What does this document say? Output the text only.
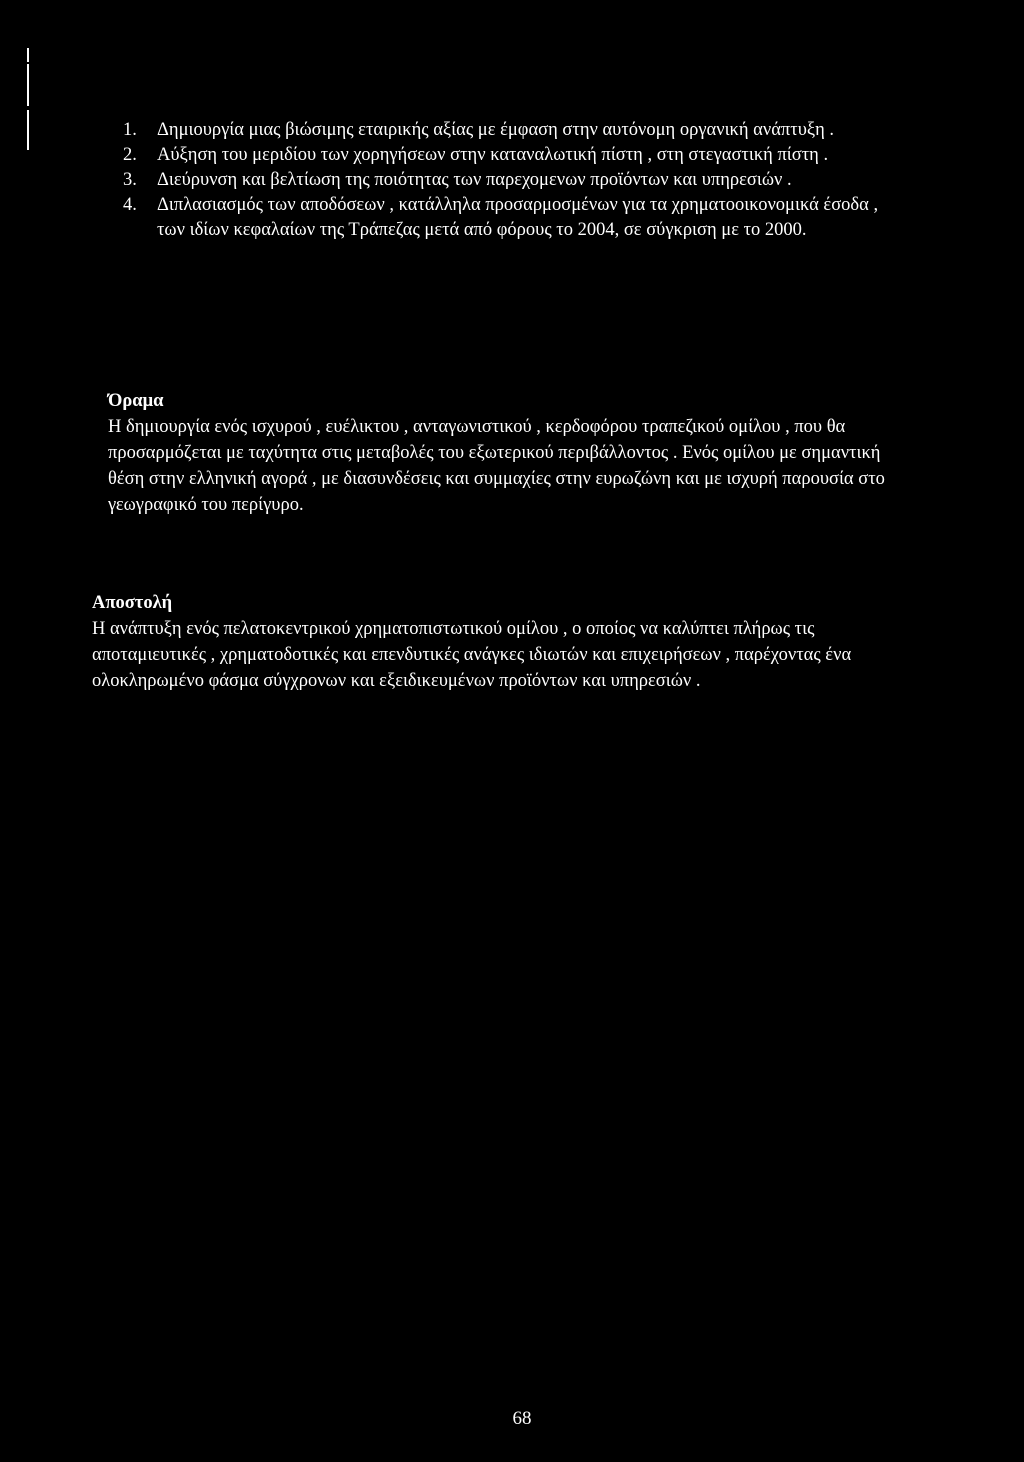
1. Δημιουργία μιας βιώσιμης εταιρικής αξίας με έμφαση στην αυτόνομη οργανική ανάπτυξη .
2. Αύξηση του μεριδίου των χορηγήσεων στην καταναλωτική πίστη , στη στεγαστική πίστη .
3. Διεύρυνση και βελτίωση της ποιότητας των παρεχομενων προϊόντων και υπηρεσιών .
4. Διπλασιασμός των αποδόσεων , κατάλληλα προσαρμοσμένων για τα χρηματοοικονομικά έσοδα , των ιδίων κεφαλαίων της Τράπεζας μετά από φόρους το 2004, σε σύγκριση με το 2000.
Όραμα

Η δημιουργία ενός ισχυρού , ευέλικτου , ανταγωνιστικού , κερδοφόρου τραπεζικού ομίλου , που θα προσαρμόζεται με ταχύτητα στις μεταβολές του εξωτερικού περιβάλλοντος . Ενός ομίλου με σημαντική θέση στην ελληνική αγορά , με διασυνδέσεις και συμμαχίες στην ευρωζώνη και με ισχυρή παρουσία στο γεωγραφικό του περίγυρο.

Αποστολή

Η ανάπτυξη ενός πελατοκεντρικού χρηματοπιστωτικού ομίλου , ο οποίος να καλύπτει πλήρως τις αποταμιευτικές , χρηματοδοτικές και επενδυτικές ανάγκες ιδιωτών και επιχειρήσεων , παρέχοντας ένα ολοκληρωμένο φάσμα σύγχρονων και εξειδικευμένων προϊόντων και υπηρεσιών .

68
